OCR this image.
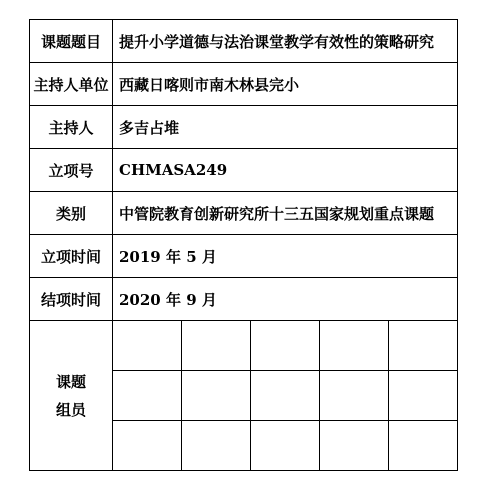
课题题目	提升小学道德与法治课堂教学有效性的策略研究
主持人单位 西藏日喀则市南木林县完小
主持人	多吉占堆
立项号	CHMASA249
类别	中管院教育创新研究所十三五国家规划重点课题
立项时间	2019 年 5 月
结项时间	2020 年 9 月
课题
组员
